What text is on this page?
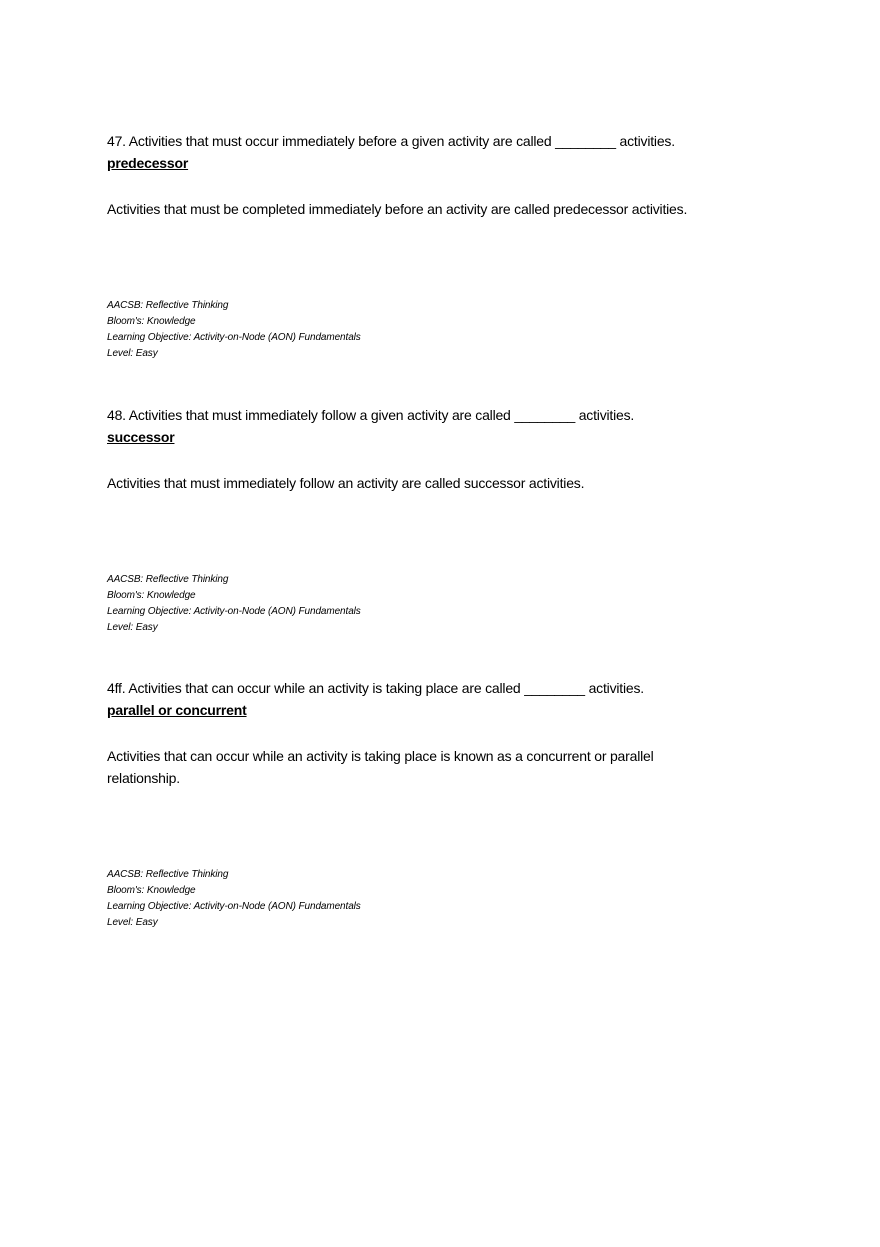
47. Activities that must occur immediately before a given activity are called ________ activities.
predecessor
Activities that must be completed immediately before an activity are called predecessor activities.
AACSB: Reflective Thinking
Bloom's: Knowledge
Learning Objective: Activity-on-Node (AON) Fundamentals
Level: Easy
48. Activities that must immediately follow a given activity are called ________ activities.
successor
Activities that must immediately follow an activity are called successor activities.
AACSB: Reflective Thinking
Bloom's: Knowledge
Learning Objective: Activity-on-Node (AON) Fundamentals
Level: Easy
4ff. Activities that can occur while an activity is taking place are called ________ activities.
parallel or concurrent
Activities that can occur while an activity is taking place is known as a concurrent or parallel relationship.
AACSB: Reflective Thinking
Bloom's: Knowledge
Learning Objective: Activity-on-Node (AON) Fundamentals
Level: Easy
